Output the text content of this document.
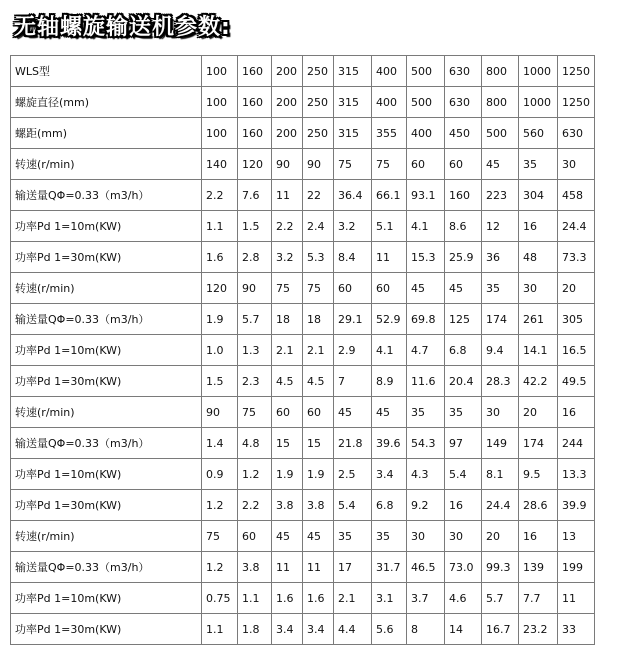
无轴螺旋输送机参数:
WLS型	100	160	200	250	315	400	500	630	800	1000	1250
螺旋直径(mm)	100	160	200	250	315	400	500	630	800	1000	1250
螺距(mm)	100	160	200	250	315	355	400	450	500	560	630
转速(r/min)	140	120	90	90	75	75	60	60	45	35	30
输送量QΦ=0.33（m3/h）	2.2	7.6	11	22	36.4	66.1	93.1	160	223	304	458
功率Pd 1=10m(KW)	1.1	1.5	2.2	2.4	3.2	5.1	4.1	8.6	12	16	24.4
功率Pd 1=30m(KW)	1.6	2.8	3.2	5.3	8.4	11	15.3	25.9	36	48	73.3
转速(r/min)	120	90	75	75	60	60	45	45	35	30	20
输送量QΦ=0.33（m3/h）	1.9	5.7	18	18	29.1	52.9	69.8	125	174	261	305
功率Pd 1=10m(KW)	1.0	1.3	2.1	2.1	2.9	4.1	4.7	6.8	9.4	14.1	16.5
功率Pd 1=30m(KW)	1.5	2.3	4.5	4.5	7	8.9	11.6	20.4	28.3	42.2	49.5
转速(r/min)	90	75	60	60	45	45	35	35	30	20	16
输送量QΦ=0.33（m3/h）	1.4	4.8	15	15	21.8	39.6	54.3	97	149	174	244
功率Pd 1=10m(KW)	0.9	1.2	1.9	1.9	2.5	3.4	4.3	5.4	8.1	9.5	13.3
功率Pd 1=30m(KW)	1.2	2.2	3.8	3.8	5.4	6.8	9.2	16	24.4	28.6	39.9
转速(r/min)	75	60	45	45	35	35	30	30	20	16	13
输送量QΦ=0.33（m3/h）	1.2	3.8	11	11	17	31.7	46.5	73.0	99.3	139	199
功率Pd 1=10m(KW)	0.75	1.1	1.6	1.6	2.1	3.1	3.7	4.6	5.7	7.7	11
功率Pd 1=30m(KW)	1.1	1.8	3.4	3.4	4.4	5.6	8	14	16.7	23.2	33
